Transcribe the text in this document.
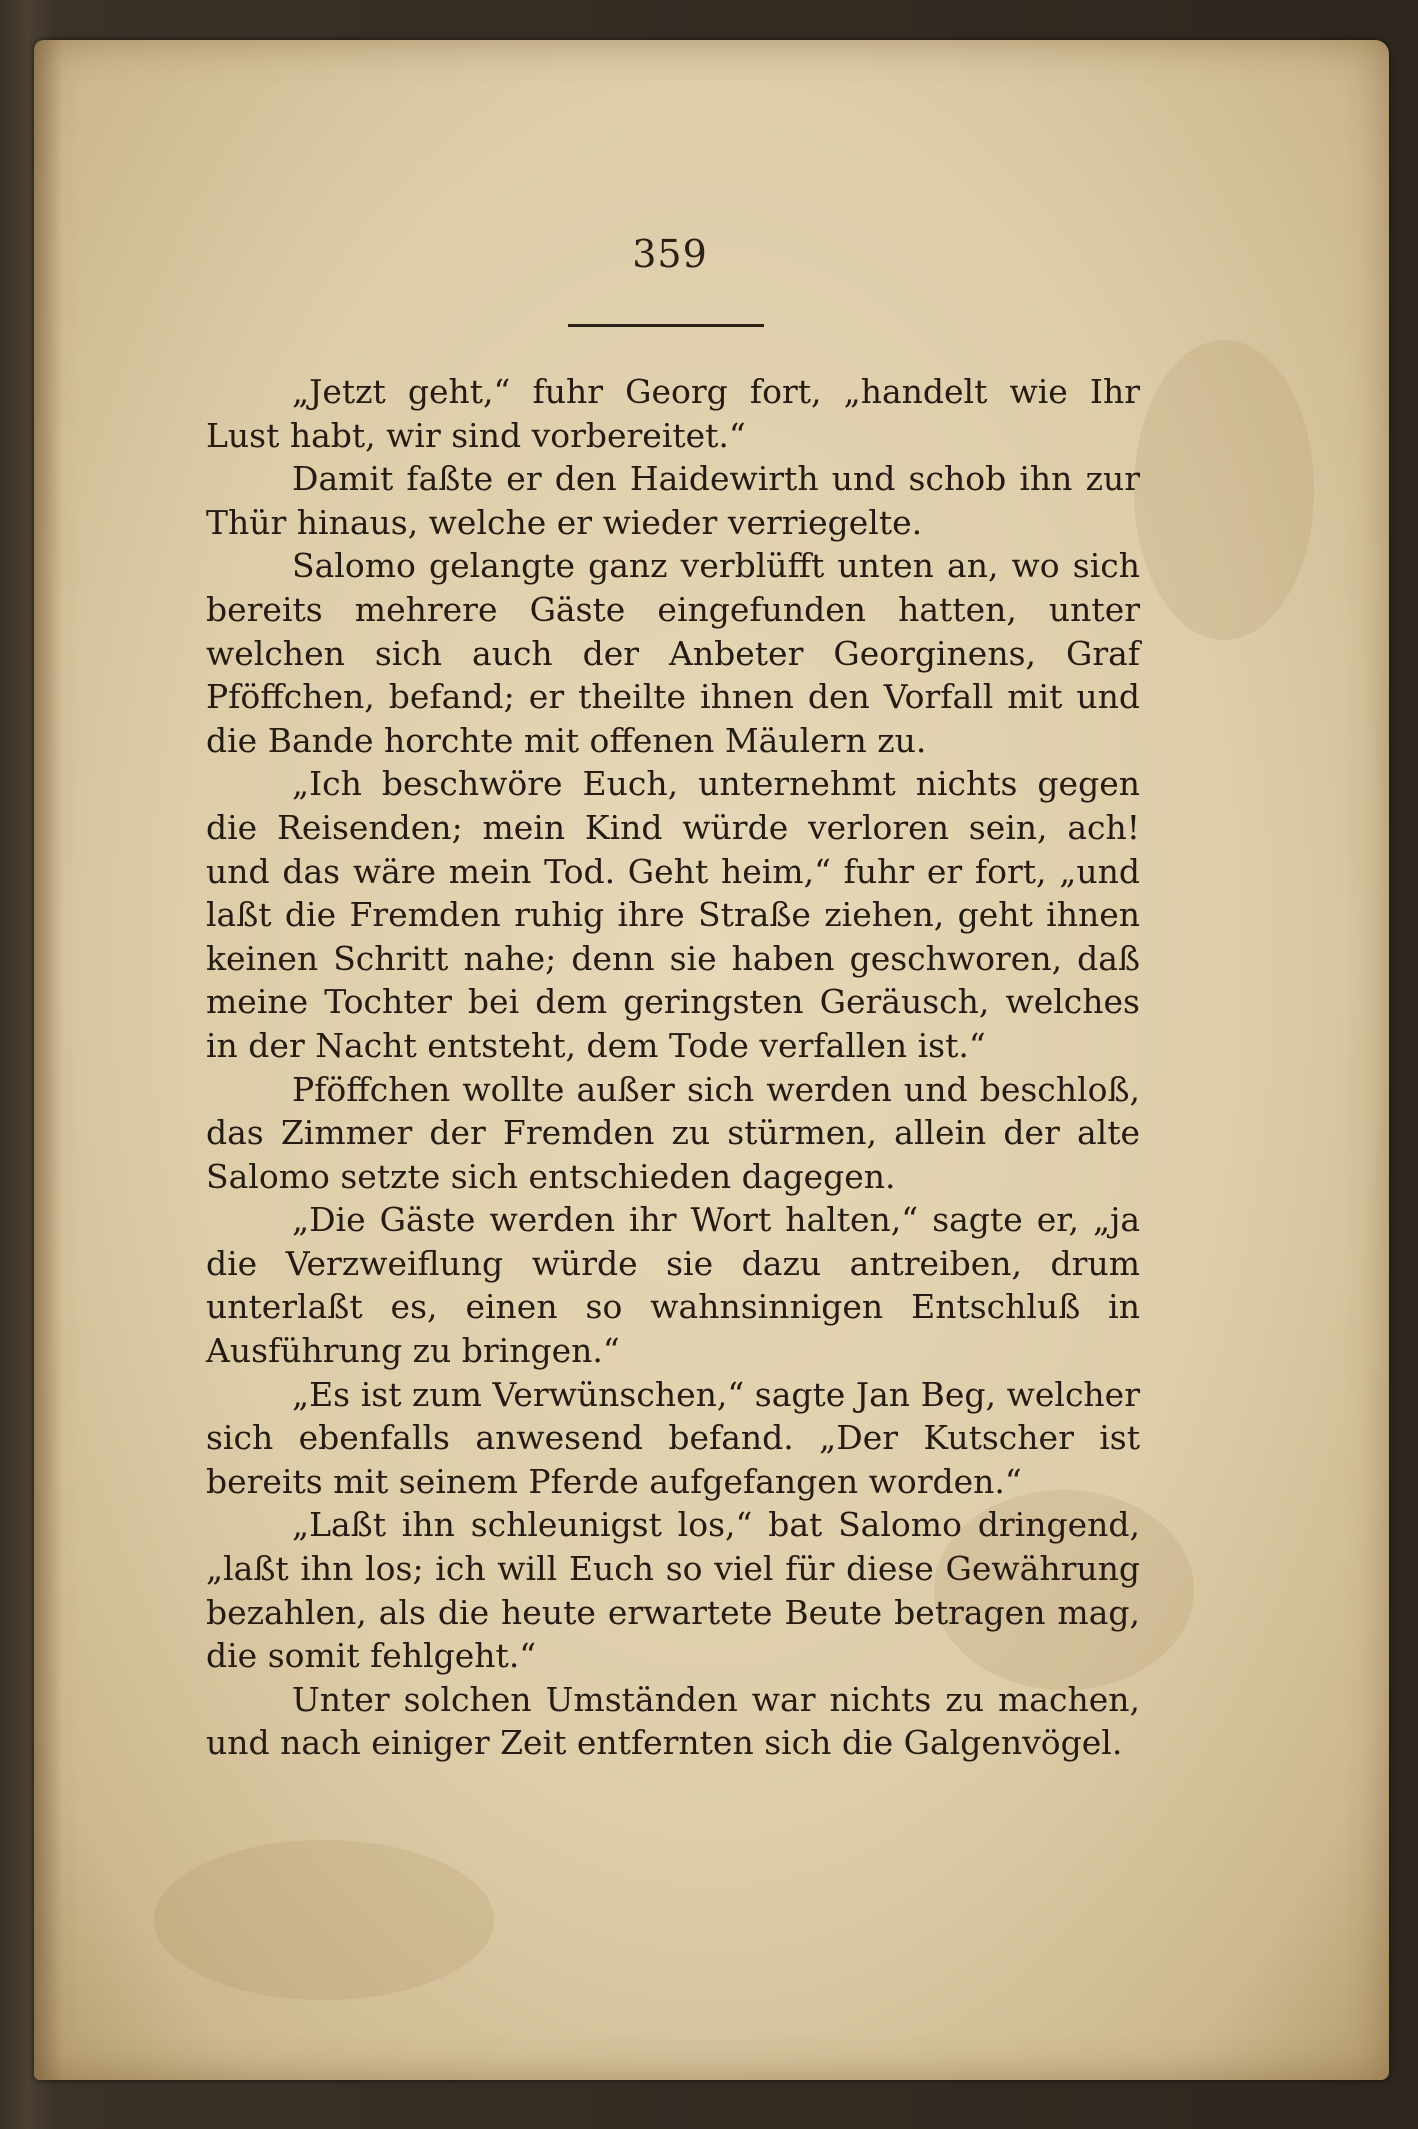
359

„Jetzt geht,“ fuhr Georg fort, „handelt wie Ihr Lust habt, wir sind vorbereitet.“

Damit faßte er den Haidewirth und schob ihn zur Thür hinaus, welche er wieder verriegelte.

Salomo gelangte ganz verblüfft unten an, wo sich bereits mehrere Gäste eingefunden hatten, unter welchen sich auch der Anbeter Georginens, Graf Pföffchen, befand; er theilte ihnen den Vorfall mit und die Bande horchte mit offenen Mäulern zu.

„Ich beschwöre Euch, unternehmt nichts gegen die Reisenden; mein Kind würde verloren sein, ach! und das wäre mein Tod. Geht heim,“ fuhr er fort, „und laßt die Fremden ruhig ihre Straße ziehen, geht ihnen keinen Schritt nahe; denn sie haben geschworen, daß meine Tochter bei dem geringsten Geräusch, welches in der Nacht entsteht, dem Tode verfallen ist.“

Pföffchen wollte außer sich werden und beschloß, das Zimmer der Fremden zu stürmen, allein der alte Salomo setzte sich entschieden dagegen.

„Die Gäste werden ihr Wort halten,“ sagte er, „ja die Verzweiflung würde sie dazu antreiben, drum unterlaßt es, einen so wahnsinnigen Entschluß in Ausführung zu bringen.“

„Es ist zum Verwünschen,“ sagte Jan Beg, welcher sich ebenfalls anwesend befand. „Der Kutscher ist bereits mit seinem Pferde aufgefangen worden.“

„Laßt ihn schleunigst los,“ bat Salomo dringend, „laßt ihn los; ich will Euch so viel für diese Gewährung bezahlen, als die heute erwartete Beute betragen mag, die somit fehlgeht.“

Unter solchen Umständen war nichts zu machen, und nach einiger Zeit entfernten sich die Galgenvögel.
